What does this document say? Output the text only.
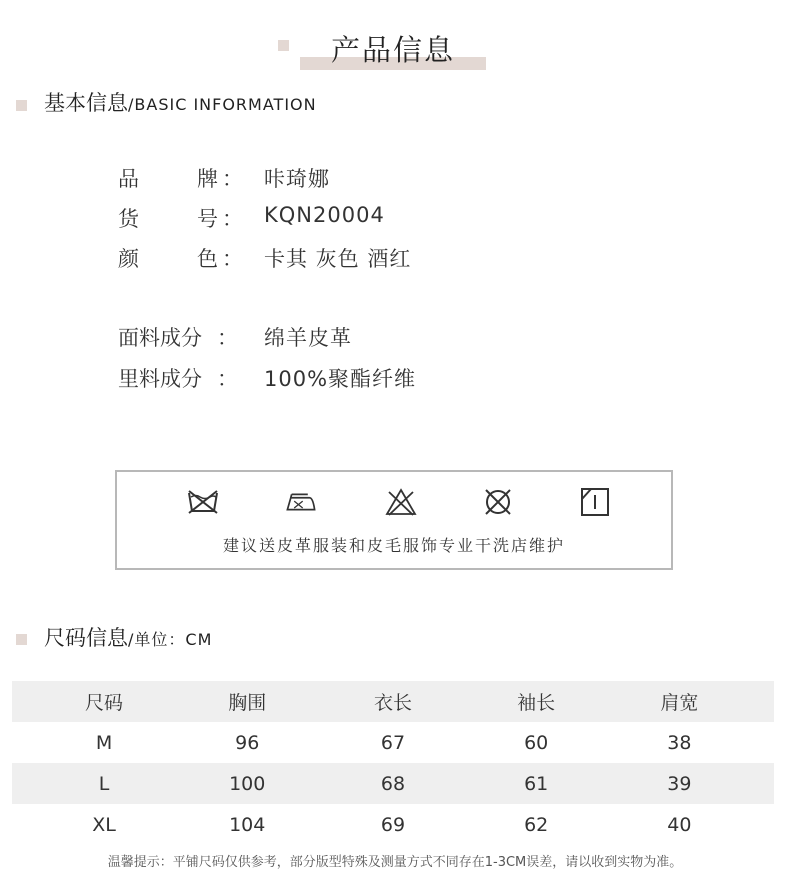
产品信息
基本信息/BASIC INFORMATION
品	牌 ： 咔琦娜
货	号 ： KQN20004
颜	色 ： 卡其 灰色 酒红
面料成分 ： 绵羊皮革
里料成分 ： 100%聚酯纤维
建议送皮革服装和皮毛服饰专业干洗店维护
尺码信息/单位：CM
尺码	胸围	衣长	袖长	肩宽
M	96	67	60	38
L	100	68	61	39
XL	104	69	62	40
温馨提示：平铺尺码仅供参考，部分版型特殊及测量方式不同存在1-3CM误差，请以收到实物为准。
